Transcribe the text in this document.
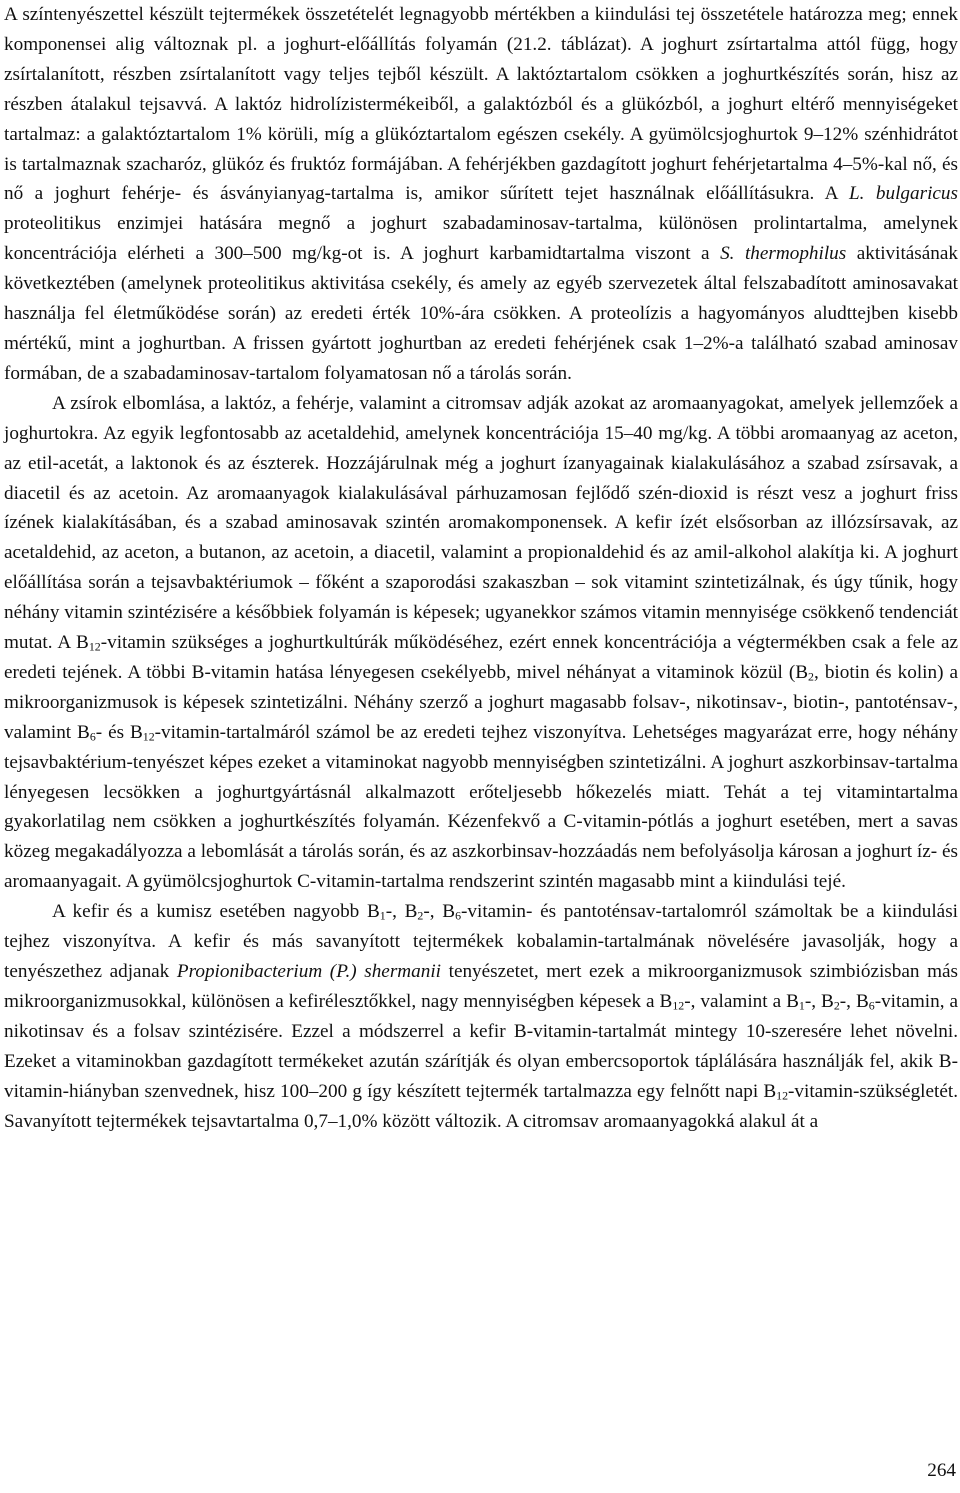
A színtenyészettel készült tejtermékek összetételét legnagyobb mértékben a kiindulási tej összetétele határozza meg; ennek komponensei alig változnak pl. a joghurt-előállítás folyamán (21.2. táblázat). A joghurt zsírtartalma attól függ, hogy zsírtalanított, részben zsírtalanított vagy teljes tejből készült. A laktóztartalom csökken a joghurtkészítés során, hisz az részben átalakul tejsavvá. A laktóz hidrolízistermékeiből, a galaktózból és a glükózból, a joghurt eltérő mennyiségeket tartalmaz: a galaktóztartalom 1% körüli, míg a glükóztartalom egészen csekély. A gyümölcsjoghurtok 9‒12% szénhidrátot is tartalmaznak szacharóz, glükóz és fruktóz formájában. A fehérjékben gazdagított joghurt fehérjetartalma 4‒5%-kal nő, és nő a joghurt fehérje- és ásványianyag-tartalma is, amikor sűrített tejet használnak előállításukra. A L. bulgaricus proteolitikus enzimjei hatására megnő a joghurt szabadaminosav-tartalma, különösen prolintartalma, amelynek koncentrációja elérheti a 300‒500 mg/kg-ot is. A joghurt karbamidtartalma viszont a S. thermophilus aktivitásának következtében (amelynek proteolitikus aktivitása csekély, és amely az egyéb szervezetek által felszabadított aminosavakat használja fel életműködése során) az eredeti érték 10%-ára csökken. A proteolízis a hagyományos aludttejben kisebb mértékű, mint a joghurtban. A frissen gyártott joghurtban az eredeti fehérjének csak 1‒2%-a található szabad aminosav formában, de a szabadaminosav-tartalom folyamatosan nő a tárolás során.

A zsírok elbomlása, a laktóz, a fehérje, valamint a citromsav adják azokat az aromaanyagokat, amelyek jellemzőek a joghurtokra. Az egyik legfontosabb az acetaldehid, amelynek koncentrációja 15‒40 mg/kg. A többi aromaanyag az aceton, az etil-acetát, a laktonok és az észterek. Hozzájárulnak még a joghurt ízanyagainak kialakulásához a szabad zsírsavak, a diacetil és az acetoin. Az aromaanyagok kialakulásával párhuzamosan fejlődő szén-dioxid is részt vesz a joghurt friss ízének kialakításában, és a szabad aminosavak szintén aromakomponensek. A kefir ízét elsősorban az illózsírsavak, az acetaldehid, az aceton, a butanon, az acetoin, a diacetil, valamint a propionaldehid és az amil-alkohol alakítja ki. A joghurt előállítása során a tejsavbaktériumok ‒ főként a szaporodási szakaszban ‒ sok vitamint szintetizálnak, és úgy tűnik, hogy néhány vitamin szintézisére a későbbiek folyamán is képesek; ugyanekkor számos vitamin mennyisége csökkenő tendenciát mutat. A $B_{12}$-vitamin szükséges a joghurtkultúrák működéséhez, ezért ennek koncentrációja a végtermékben csak a fele az eredeti tejének. A többi B-vitamin hatása lényegesen csekélyebb, mivel néhányat a vitaminok közül ($B_2$, biotin és kolin) a mikroorganizmusok is képesek szintetizálni. Néhány szerző a joghurt magasabb folsav-, nikotinsav-, biotin-, pantoténsav-, valamint $B_6-$ és $B_{12}-vitamin$-tartalmáról számol be az eredeti tejhez viszonyítva. Lehetséges magyarázat erre, hogy néhány tejsavbaktérium-tenyészet képes ezeket a vitaminokat nagyobb mennyiségben szintetizálni. A joghurt aszkorbinsav-tartalma lényegesen lecsökken a joghurtgyártásnál alkalmazott erőteljesebb hőkezelés miatt. Tehát a tej vitamintartalma gyakorlatilag nem csökken a joghurtkészítés folyamán. Kézenfekvő a C-vitamin-pótlás a joghurt esetében, mert a savas közeg megakadályozza a lebomlását a tárolás során, és az aszkorbinsav-hozzáadás nem befolyásolja károsan a joghurt íz- és aromaanyagait. A gyümölcsjoghurtok C-vitamin-tartalma rendszerint szintén magasabb mint a kiindulási tejé.

A kefir és a kumisz esetében nagyobb $B_1-$, $B_2-$, $B_6-vitamin-$ és pantoténsav-tartalomról számoltak be a kiindulási tejhez viszonyítva. A kefir és más savanyított tejtermékek kobalamin-tartalmának növelésére javasolják, hogy a tenyészethez adjanak Propionibacterium (P.) shermanii tenyészetet, mert ezek a mikroorganizmusok szimbiózisban más mikroorganizmusokkal, különösen a kefirélesztőkkel, nagy mennyiségben képesek a $B_{12}-$, valamint a $B_1-$, $B_2-$, $B_6$-vitamin, a nikotinsav és a folsav szintézisére. Ezzel a módszerrel a kefir B-vitamin-tartalmát mintegy 10-szeresére lehet növelni. Ezeket a vitaminokban gazdagított termékeket azután szárítják és olyan embercsoportok táplálására használják fel, akik B-vitamin-hiányban szenvednek, hisz 100‒200 g így készített tejtermék tartalmazza egy felnőtt napi $B_{12}-vitamin$-szükségletét. Savanyított tejtermékek tejsavtartalma 0,7‒1,0% között változik. A citromsav aromaanyagokká alakul át a

264
